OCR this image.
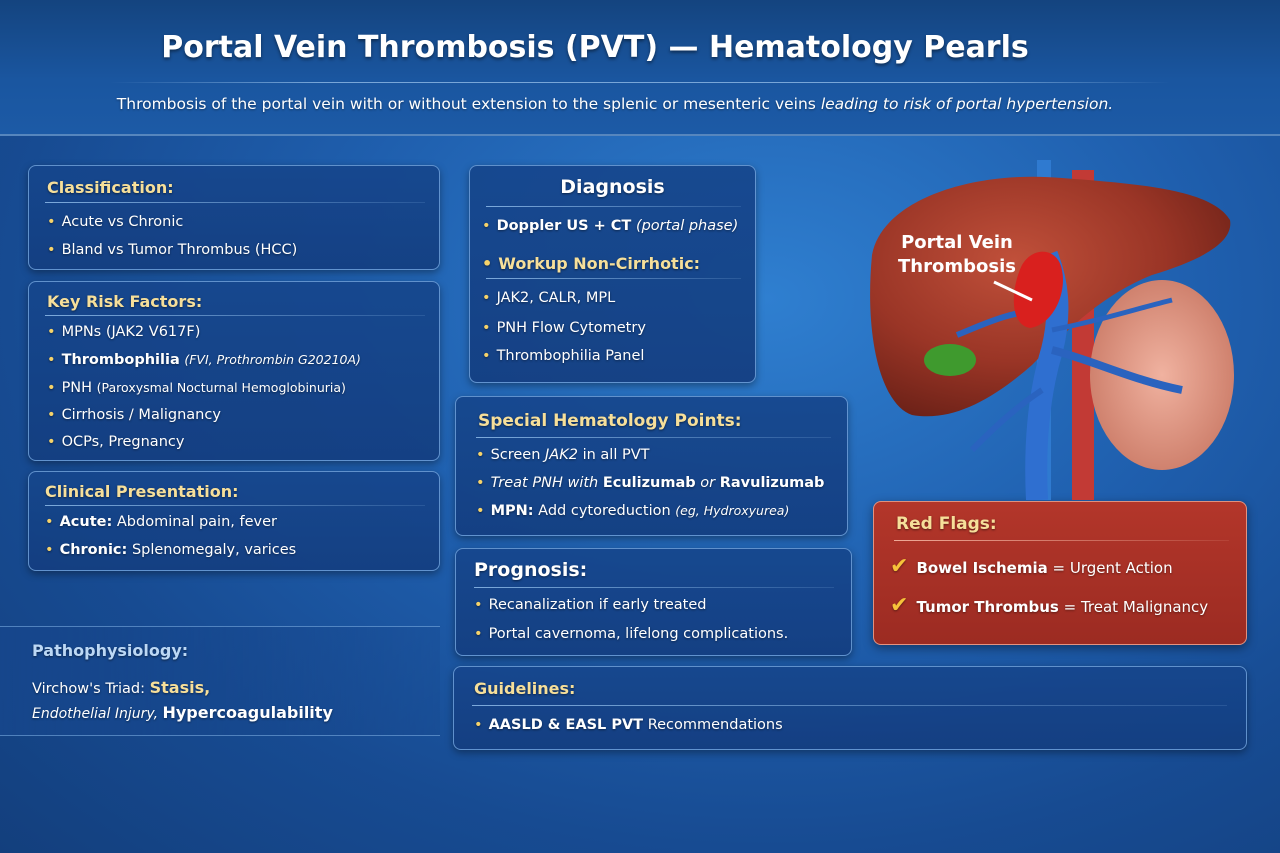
Portal Vein Thrombosis (PVT) — Hematology Pearls
Thrombosis of the portal vein with or without extension to the splenic or mesenteric veins leading to risk of portal hypertension.
Classification:
• Acute vs Chronic
• Bland vs Tumor Thrombus (HCC)
Key Risk Factors:
• MPNs (JAK2 V617F)
• Thrombophilia (FVI, Prothrombin G20210A)
• PNH (Paroxysmal Nocturnal Hemoglobinuria)
• Cirrhosis / Malignancy
• OCPs, Pregnancy
Clinical Presentation:
• Acute: Abdominal pain, fever
• Chronic: Splenomegaly, varices
Pathophysiology:
Virchow's Triad: Stasis,
Endothelial Injury, Hypercoagulability
Diagnosis
• Doppler US + CT (portal phase)
• Workup Non-Cirrhotic:
• JAK2, CALR, MPL
• PNH Flow Cytometry
• Thrombophilia Panel
Special Hematology Points:
• Screen JAK2 in all PVT
• Treat PNH with Eculizumab or Ravulizumab
• MPN: Add cytoreduction (eg, Hydroxyurea)
Prognosis:
• Recanalization if early treated
• Portal cavernoma, lifelong complications.
Guidelines:
• AASLD & EASL PVT Recommendations
Red Flags:
✔ Bowel Ischemia = Urgent Action
✔ Tumor Thrombus = Treat Malignancy
Portal Vein
Thrombosis
